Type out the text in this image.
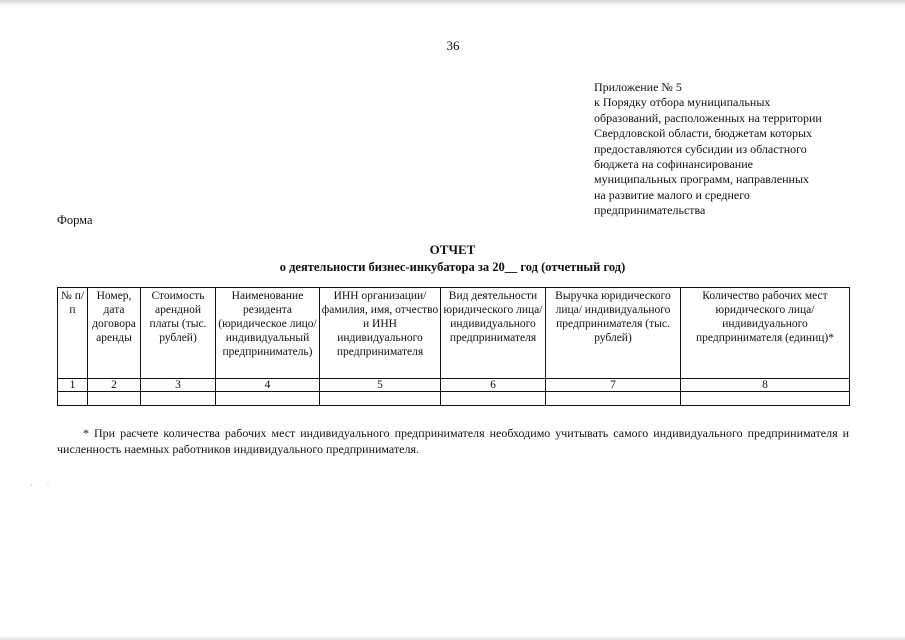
36
Приложение № 5
к Порядку отбора муниципальных
образований, расположенных на территории
Свердловской области, бюджетам которых
предоставляются субсидии из областного
бюджета на софинансирование
муниципальных программ, направленных
на развитие малого и среднего
предпринимательства
Форма
ОТЧЕТ
о деятельности бизнес-инкубатора за 20__ год (отчетный год)
№ п/п	Номер, дата договора аренды	Стоимость арендной платы (тыс. рублей)	Наименование резидента (юридическое лицо/ индивидуальный предприниматель)	ИНН организации/ фамилия, имя, отчество и ИНН индивидуального предпринимателя	Вид деятельности юридического лица/ индивидуального предпринимателя	Выручка юридического лица/ индивидуального предпринимателя (тыс. рублей)	Количество рабочих мест юридического лица/ индивидуального предпринимателя (единиц)*
1	2	3	4	5	6	7	8

* При расчете количества рабочих мест индивидуального предпринимателя необходимо учитывать самого индивидуального предпринимателя и численность наемных работников индивидуального предпринимателя.
· ·
